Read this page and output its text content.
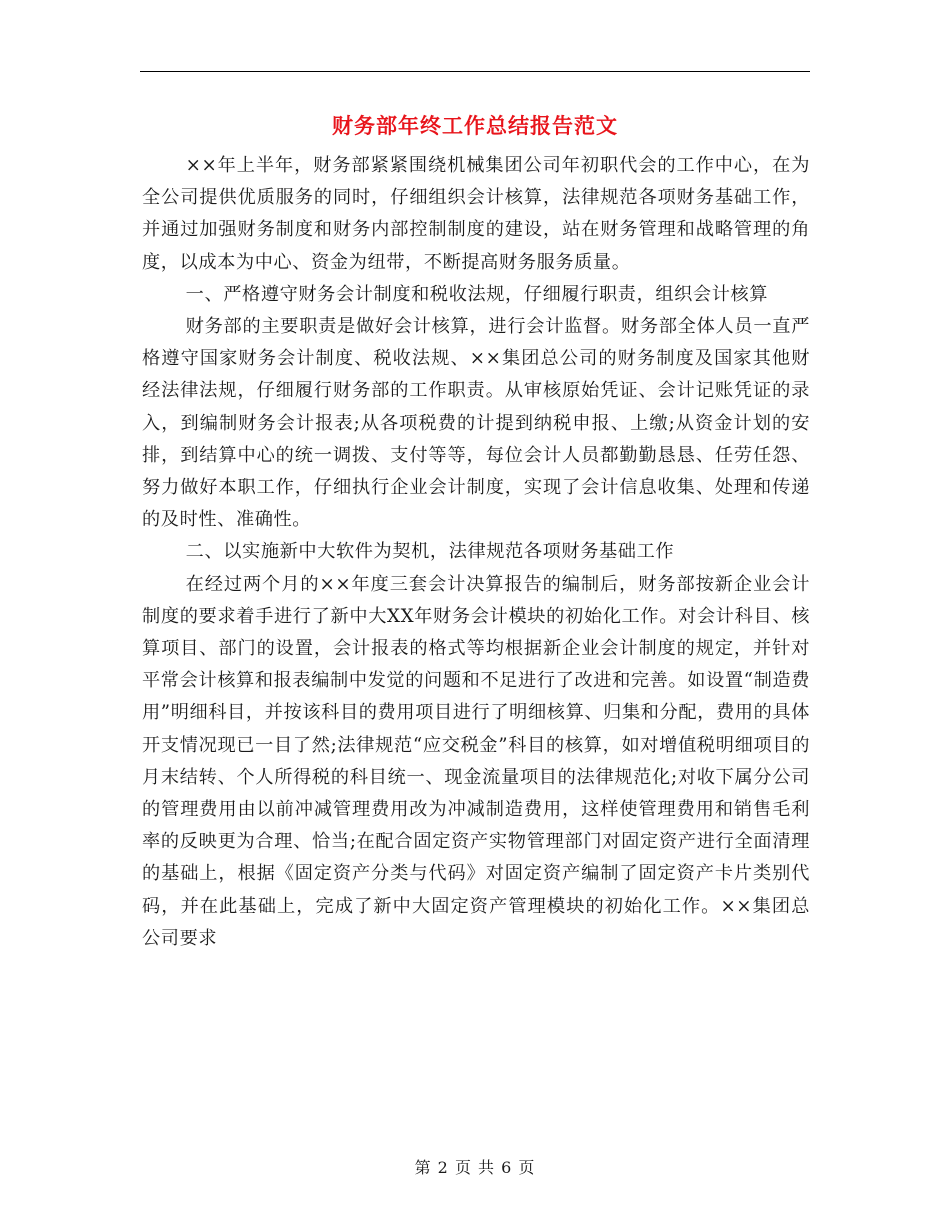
财务部年终工作总结报告范文

××年上半年，财务部紧紧围绕机械集团公司年初职代会的工作中心，在为全公司提供优质服务的同时，仔细组织会计核算，法律规范各项财务基础工作，并通过加强财务制度和财务内部控制制度的建设，站在财务管理和战略管理的角度，以成本为中心、资金为纽带，不断提高财务服务质量。

一、严格遵守财务会计制度和税收法规，仔细履行职责，组织会计核算

财务部的主要职责是做好会计核算，进行会计监督。财务部全体人员一直严格遵守国家财务会计制度、税收法规、××集团总公司的财务制度及国家其他财经法律法规，仔细履行财务部的工作职责。从审核原始凭证、会计记账凭证的录入，到编制财务会计报表;从各项税费的计提到纳税申报、上缴;从资金计划的安排，到结算中心的统一调拨、支付等等，每位会计人员都勤勤恳恳、任劳任怨、努力做好本职工作，仔细执行企业会计制度，实现了会计信息收集、处理和传递的及时性、准确性。

二、以实施新中大软件为契机，法律规范各项财务基础工作

在经过两个月的××年度三套会计决算报告的编制后，财务部按新企业会计制度的要求着手进行了新中大XX年财务会计模块的初始化工作。对会计科目、核算项目、部门的设置，会计报表的格式等均根据新企业会计制度的规定，并针对平常会计核算和报表编制中发觉的问题和不足进行了改进和完善。如设置“制造费用”明细科目，并按该科目的费用项目进行了明细核算、归集和分配，费用的具体开支情况现已一目了然;法律规范“应交税金”科目的核算，如对增值税明细项目的月末结转、个人所得税的科目统一、现金流量项目的法律规范化;对收下属分公司的管理费用由以前冲减管理费用改为冲减制造费用，这样使管理费用和销售毛利率的反映更为合理、恰当;在配合固定资产实物管理部门对固定资产进行全面清理的基础上，根据《固定资产分类与代码》对固定资产编制了固定资产卡片类别代码，并在此基础上，完成了新中大固定资产管理模块的初始化工作。××集团总公司要求

第 2 页 共 6 页
